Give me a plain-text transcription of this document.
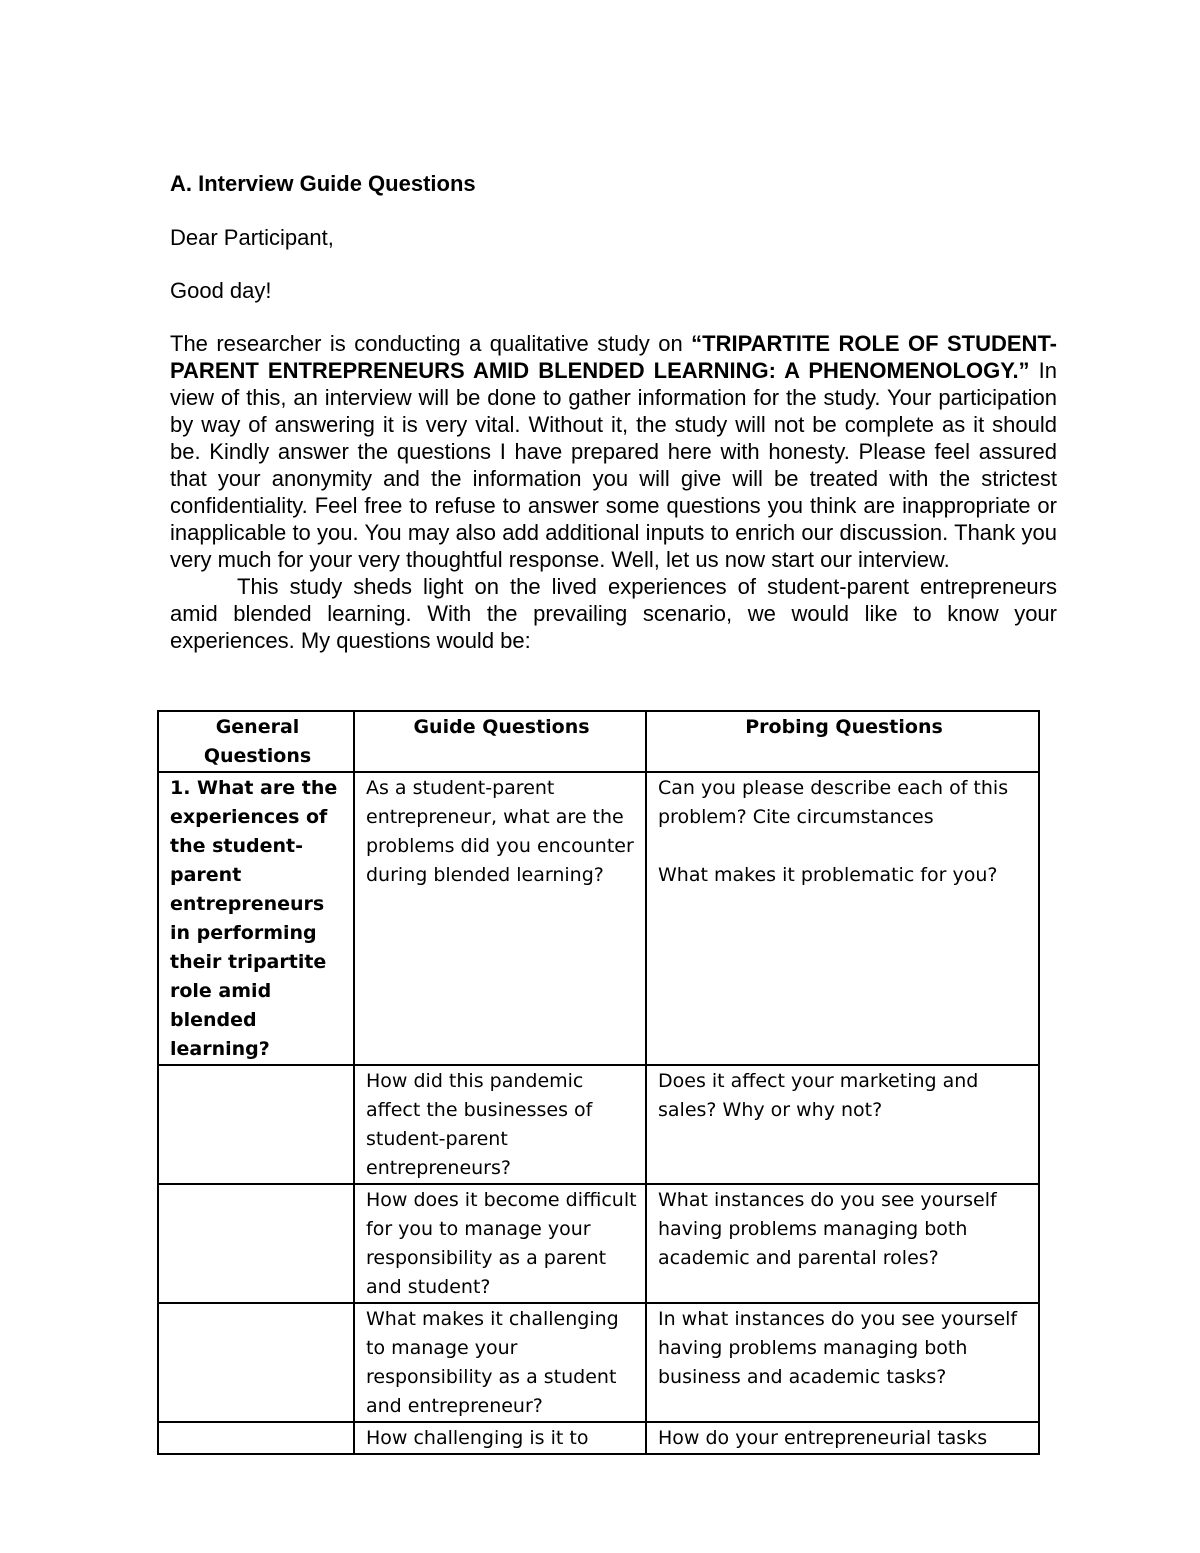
A. Interview Guide Questions

Dear Participant,

Good day!

The researcher is conducting a qualitative study on “TRIPARTITE ROLE OF STUDENT-PARENT ENTREPRENEURS AMID BLENDED LEARNING: A PHENOMENOLOGY.” In view of this, an interview will be done to gather information for the study. Your participation by way of answering it is very vital. Without it, the study will not be complete as it should be. Kindly answer the questions I have prepared here with honesty. Please feel assured that your anonymity and the information you will give will be treated with the strictest confidentiality. Feel free to refuse to answer some questions you think are inappropriate or inapplicable to you. You may also add additional inputs to enrich our discussion. Thank you very much for your very thoughtful response. Well, let us now start our interview.

This study sheds light on the lived experiences of student-parent entrepreneurs amid blended learning. With the prevailing scenario, we would like to know your experiences. My questions would be:

General Questions	Guide Questions	Probing Questions
1. What are the experiences of the student-parent entrepreneurs in performing their tripartite role amid blended learning?	As a student-parent entrepreneur, what are the problems did you encounter during blended learning?	Can you please describe each of this problem? Cite circumstances
What makes it problematic for you?

	How did this pandemic affect the businesses of student-parent entrepreneurs?	Does it affect your marketing and sales? Why or why not?
	How does it become difficult for you to manage your responsibility as a parent and student?	What instances do you see yourself having problems managing both academic and parental roles?
	What makes it challenging to manage your responsibility as a student and entrepreneur?	In what instances do you see yourself having problems managing both business and academic tasks?
	How challenging is it to	How do your entrepreneurial tasks
